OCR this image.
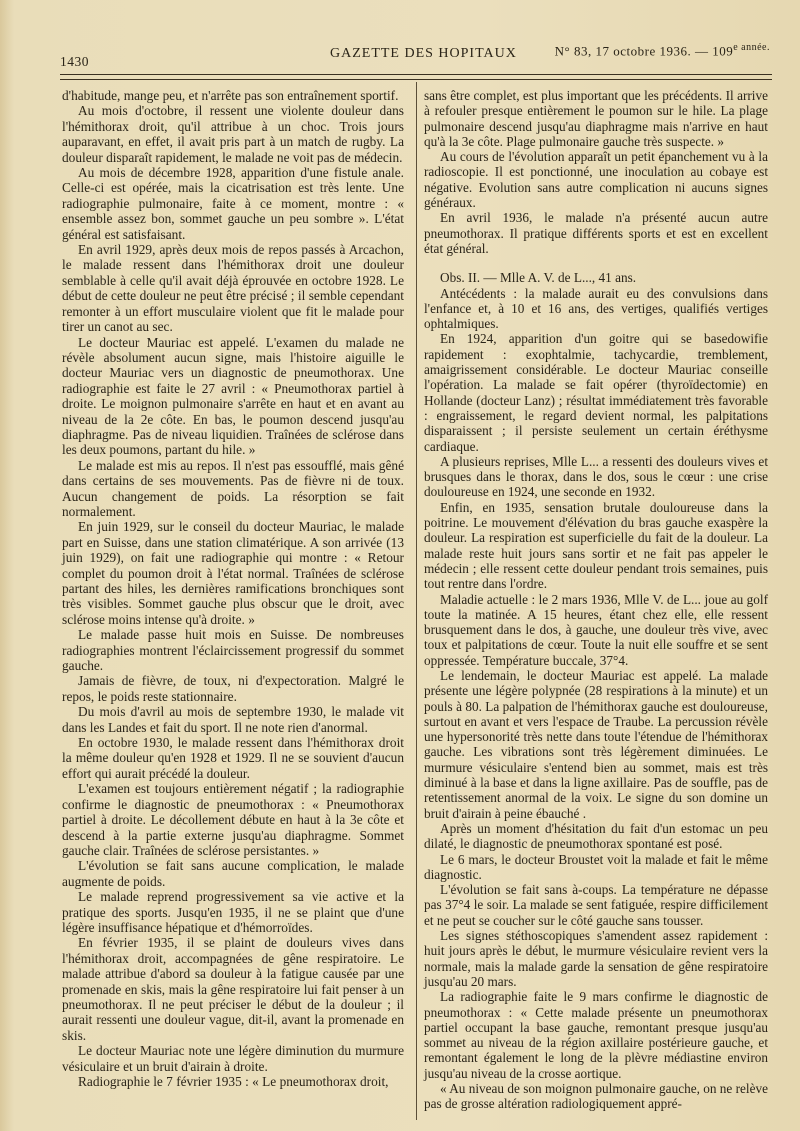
1430
GAZETTE DES HOPITAUX	N° 83, 17 octobre 1936. — $109^{e année.}$

d'habitude, mange peu, et n'arrête pas son entraînement sportif.

Au mois d'octobre, il ressent une violente douleur dans l'hémithorax droit, qu'il attribue à un choc. Trois jours auparavant, en effet, il avait pris part à un match de rugby. La douleur disparaît rapidement, le malade ne voit pas de médecin.

Au mois de décembre 1928, apparition d'une fistule anale. Celle-ci est opérée, mais la cicatrisation est très lente. Une radiographie pulmonaire, faite à ce moment, montre : « ensemble assez bon, sommet gauche un peu sombre ». L'état général est satisfaisant.

En avril 1929, après deux mois de repos passés à Arcachon, le malade ressent dans l'hémithorax droit une douleur semblable à celle qu'il avait déjà éprouvée en octobre 1928. Le début de cette douleur ne peut être précisé ; il semble cependant remonter à un effort musculaire violent que fit le malade pour tirer un canot au sec.

Le docteur Mauriac est appelé. L'examen du malade ne révèle absolument aucun signe, mais l'histoire aiguille le docteur Mauriac vers un diagnostic de pneumothorax. Une radiographie est faite le 27 avril : « Pneumothorax partiel à droite. Le moignon pulmonaire s'arrête en haut et en avant au niveau de la 2e côte. En bas, le poumon descend jusqu'au diaphragme. Pas de niveau liquidien. Traînées de sclérose dans les deux poumons, partant du hile. »

Le malade est mis au repos. Il n'est pas essoufflé, mais gêné dans certains de ses mouvements. Pas de fièvre ni de toux. Aucun changement de poids. La résorption se fait normalement.

En juin 1929, sur le conseil du docteur Mauriac, le malade part en Suisse, dans une station climatérique. A son arrivée (13 juin 1929), on fait une radiographie qui montre : « Retour complet du poumon droit à l'état normal. Traînées de sclérose partant des hiles, les dernières ramifications bronchiques sont très visibles. Sommet gauche plus obscur que le droit, avec sclérose moins intense qu'à droite. »

Le malade passe huit mois en Suisse. De nombreuses radiographies montrent l'éclaircissement progressif du sommet gauche.

Jamais de fièvre, de toux, ni d'expectoration. Malgré le repos, le poids reste stationnaire.

Du mois d'avril au mois de septembre 1930, le malade vit dans les Landes et fait du sport. Il ne note rien d'anormal.

En octobre 1930, le malade ressent dans l'hémithorax droit la même douleur qu'en 1928 et 1929. Il ne se souvient d'aucun effort qui aurait précédé la douleur.

L'examen est toujours entièrement négatif ; la radiographie confirme le diagnostic de pneumothorax : « Pneumothorax partiel à droite. Le décollement débute en haut à la 3e côte et descend à la partie externe jusqu'au diaphragme. Sommet gauche clair. Traînées de sclérose persistantes. »

L'évolution se fait sans aucune complication, le malade augmente de poids.

Le malade reprend progressivement sa vie active et la pratique des sports. Jusqu'en 1935, il ne se plaint que d'une légère insuffisance hépatique et d'hémorroïdes.

En février 1935, il se plaint de douleurs vives dans l'hémithorax droit, accompagnées de gêne respiratoire. Le malade attribue d'abord sa douleur à la fatigue causée par une promenade en skis, mais la gêne respiratoire lui fait penser à un pneumothorax. Il ne peut préciser le début de la douleur ; il aurait ressenti une douleur vague, dit-il, avant la promenade en skis.

Le docteur Mauriac note une légère diminution du murmure vésiculaire et un bruit d'airain à droite.

Radiographie le 7 février 1935 : « Le pneumothorax droit,

sans être complet, est plus important que les précédents. Il arrive à refouler presque entièrement le poumon sur le hile. La plage pulmonaire descend jusqu'au diaphragme mais n'arrive en haut qu'à la 3e côte. Plage pulmonaire gauche très suspecte. »

Au cours de l'évolution apparaît un petit épanchement vu à la radioscopie. Il est ponctionné, une inoculation au cobaye est négative. Evolution sans autre complication ni aucuns signes généraux.

En avril 1936, le malade n'a présenté aucun autre pneumothorax. Il pratique différents sports et est en excellent état général.

Obs. II. — Mlle A. V. de L..., 41 ans.

Antécédents : la malade aurait eu des convulsions dans l'enfance et, à 10 et 16 ans, des vertiges, qualifiés vertiges ophtalmiques.

En 1924, apparition d'un goitre qui se basedowifie rapidement : exophtalmie, tachycardie, tremblement, amaigrissement considérable. Le docteur Mauriac conseille l'opération. La malade se fait opérer (thyroïdectomie) en Hollande (docteur Lanz) ; résultat immédiatement très favorable : engraissement, le regard devient normal, les palpitations disparaissent ; il persiste seulement un certain éréthysme cardiaque.

A plusieurs reprises, Mlle L... a ressenti des douleurs vives et brusques dans le thorax, dans le dos, sous le cœur : une crise douloureuse en 1924, une seconde en 1932.

Enfin, en 1935, sensation brutale douloureuse dans la poitrine. Le mouvement d'élévation du bras gauche exaspère la douleur. La respiration est superficielle du fait de la douleur. La malade reste huit jours sans sortir et ne fait pas appeler le médecin ; elle ressent cette douleur pendant trois semaines, puis tout rentre dans l'ordre.

Maladie actuelle : le 2 mars 1936, Mlle V. de L... joue au golf toute la matinée. A 15 heures, étant chez elle, elle ressent brusquement dans le dos, à gauche, une douleur très vive, avec toux et palpitations de cœur. Toute la nuit elle souffre et se sent oppressée. Température buccale, 37°4.

Le lendemain, le docteur Mauriac est appelé. La malade présente une légère polypnée (28 respirations à la minute) et un pouls à 80. La palpation de l'hémithorax gauche est douloureuse, surtout en avant et vers l'espace de Traube. La percussion révèle une hypersonorité très nette dans toute l'étendue de l'hémithorax gauche. Les vibrations sont très légèrement diminuées. Le murmure vésiculaire s'entend bien au sommet, mais est très diminué à la base et dans la ligne axillaire. Pas de souffle, pas de retentissement anormal de la voix. Le signe du son domine un bruit d'airain à peine ébauché .

Après un moment d'hésitation du fait d'un estomac un peu dilaté, le diagnostic de pneumothorax spontané est posé.

Le 6 mars, le docteur Broustet voit la malade et fait le même diagnostic.

L'évolution se fait sans à-coups. La température ne dépasse pas 37°4 le soir. La malade se sent fatiguée, respire difficilement et ne peut se coucher sur le côté gauche sans tousser.

Les signes stéthoscopiques s'amendent assez rapidement : huit jours après le début, le murmure vésiculaire revient vers la normale, mais la malade garde la sensation de gêne respiratoire jusqu'au 20 mars.

La radiographie faite le 9 mars confirme le diagnostic de pneumothorax : « Cette malade présente un pneumothorax partiel occupant la base gauche, remontant presque jusqu'au sommet au niveau de la région axillaire postérieure gauche, et remontant également le long de la plèvre médiastine environ jusqu'au niveau de la crosse aortique.

« Au niveau de son moignon pulmonaire gauche, on ne relève pas de grosse altération radiologiquement appré-
